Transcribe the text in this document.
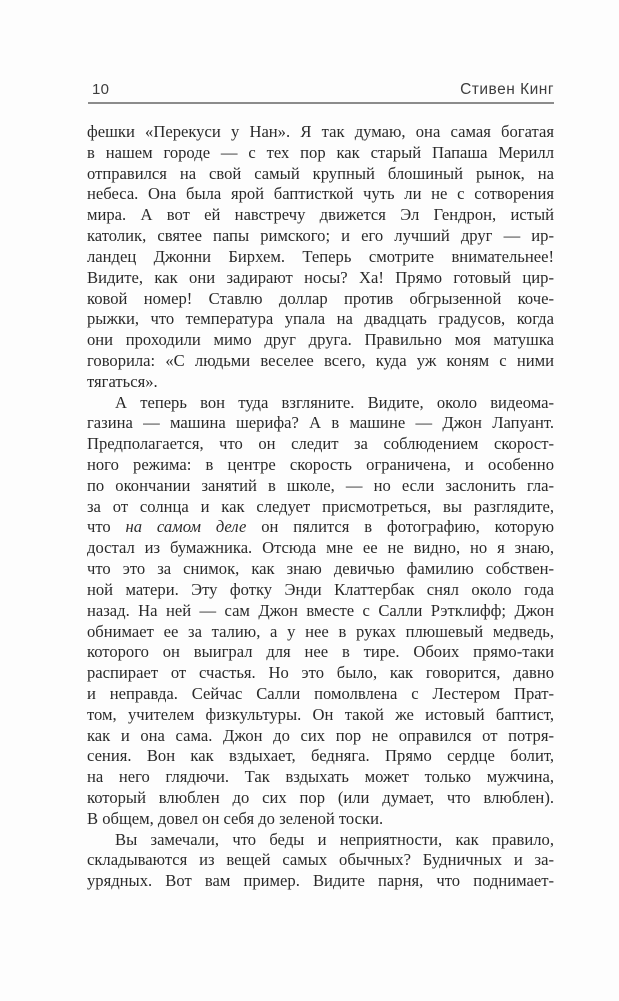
10	Стивен Кинг

фешки «Перекуси у Нан». Я так думаю, она самая богатая
в нашем городе — с тех пор как старый Папаша Мерилл
отправился на свой самый крупный блошиный рынок, на
небеса. Она была ярой баптисткой чуть ли не с сотворения
мира. А вот ей навстречу движется Эл Гендрон, истый
католик, святее папы римского; и его лучший друг — ир-
ландец Джонни Бирхем. Теперь смотрите внимательнее!
Видите, как они задирают носы? Ха! Прямо готовый цир-
ковой номер! Ставлю доллар против обгрызенной коче-
рыжки, что температура упала на двадцать градусов, когда
они проходили мимо друг друга. Правильно моя матушка
говорила: «С людьми веселее всего, куда уж коням с ними
тягаться».

А теперь вон туда взгляните. Видите, около видеома-
газина — машина шерифа? А в машине — Джон Лапуант.
Предполагается, что он следит за соблюдением скорост-
ного режима: в центре скорость ограничена, и особенно
по окончании занятий в школе, — но если заслонить гла-
за от солнца и как следует присмотреться, вы разглядите,
что на самом деле он пялится в фотографию, которую
достал из бумажника. Отсюда мне ее не видно, но я знаю,
что это за снимок, как знаю девичью фамилию собствен-
ной матери. Эту фотку Энди Клаттербак снял около года
назад. На ней — сам Джон вместе с Салли Рэтклифф; Джон
обнимает ее за талию, а у нее в руках плюшевый медведь,
которого он выиграл для нее в тире. Обоих прямо-таки
распирает от счастья. Но это было, как говорится, давно
и неправда. Сейчас Салли помолвлена с Лестером Прат-
том, учителем физкультуры. Он такой же истовый баптист,
как и она сама. Джон до сих пор не оправился от потря-
сения. Вон как вздыхает, бедняга. Прямо сердце болит,
на него глядючи. Так вздыхать может только мужчина,
который влюблен до сих пор (или думает, что влюблен).
В общем, довел он себя до зеленой тоски.

Вы замечали, что беды и неприятности, как правило,
складываются из вещей самых обычных? Будничных и за-
урядных. Вот вам пример. Видите парня, что поднимает-
